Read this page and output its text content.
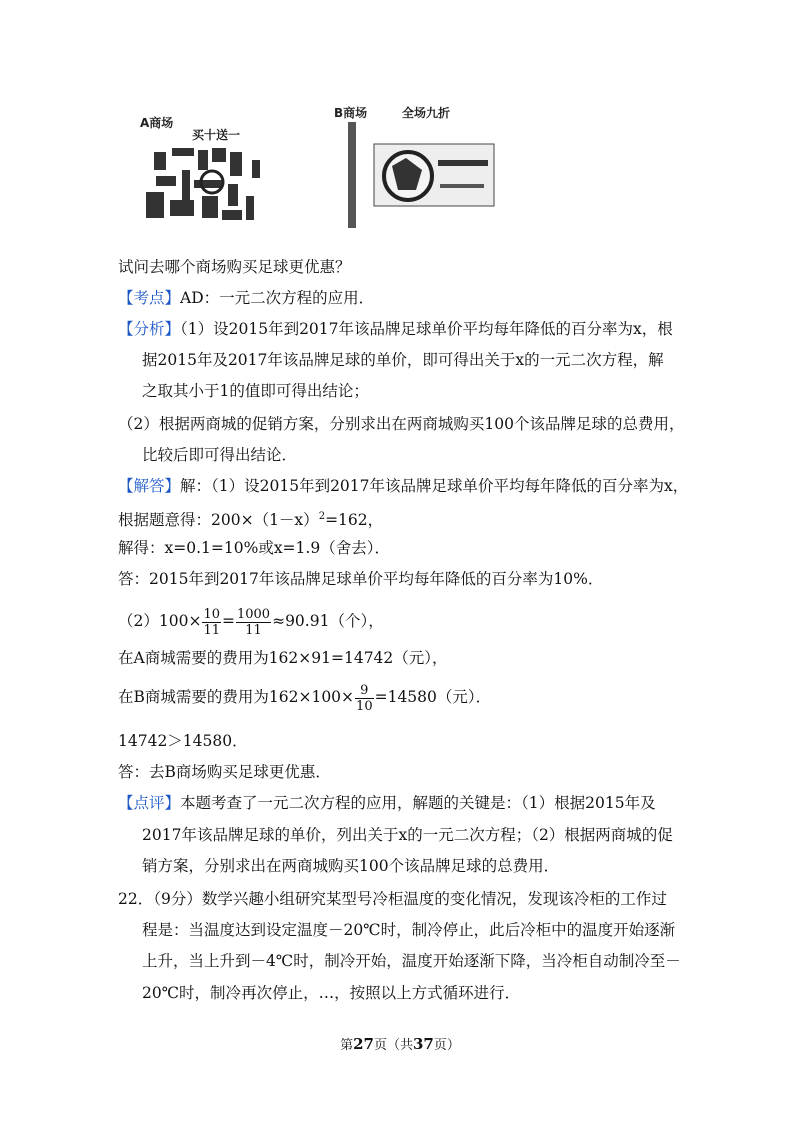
A商场
买十送一
B商场	全场九折
试问去哪个商场购买足球更优惠？
【考点】AD：一元二次方程的应用．
【分析】（1）设2015年到2017年该品牌足球单价平均每年降低的百分率为x，根
据2015年及2017年该品牌足球的单价，即可得出关于x的一元二次方程，解
之取其小于1的值即可得出结论；
（2）根据两商城的促销方案，分别求出在两商城购买100个该品牌足球的总费用，
比较后即可得出结论．
【解答】解：（1）设2015年到2017年该品牌足球单价平均每年降低的百分率为x，
根据题意得：$200\times(1-x)^2=162$，
解得：x=0.1=10%或x=1.9（舍去）．
答：2015年到2017年该品牌足球单价平均每年降低的百分率为10%．
$(2)100\times \frac{10}{11} = \frac{1000}{11} \approx 90.91$（个），
在A商城需要的费用为162×91=14742（元），
在B商城需要的费用为$162\times 100\times \frac{9}{10} =14580$（元）．
14742＞14580．
答：去B商场购买足球更优惠．
【点评】本题考查了一元二次方程的应用，解题的关键是：（1）根据2015年及
2017年该品牌足球的单价，列出关于x的一元二次方程；（2）根据两商城的促
销方案，分别求出在两商城购买100个该品牌足球的总费用．
22．（9分）数学兴趣小组研究某型号冷柜温度的变化情况，发现该冷柜的工作过
程是：当温度达到设定温度－20℃时，制冷停止，此后冷柜中的温度开始逐渐
上升，当上升到－4℃时，制冷开始，温度开始逐渐下降，当冷柜自动制冷至－
20℃时，制冷再次停止，…，按照以上方式循环进行．
第27页（共37页）
